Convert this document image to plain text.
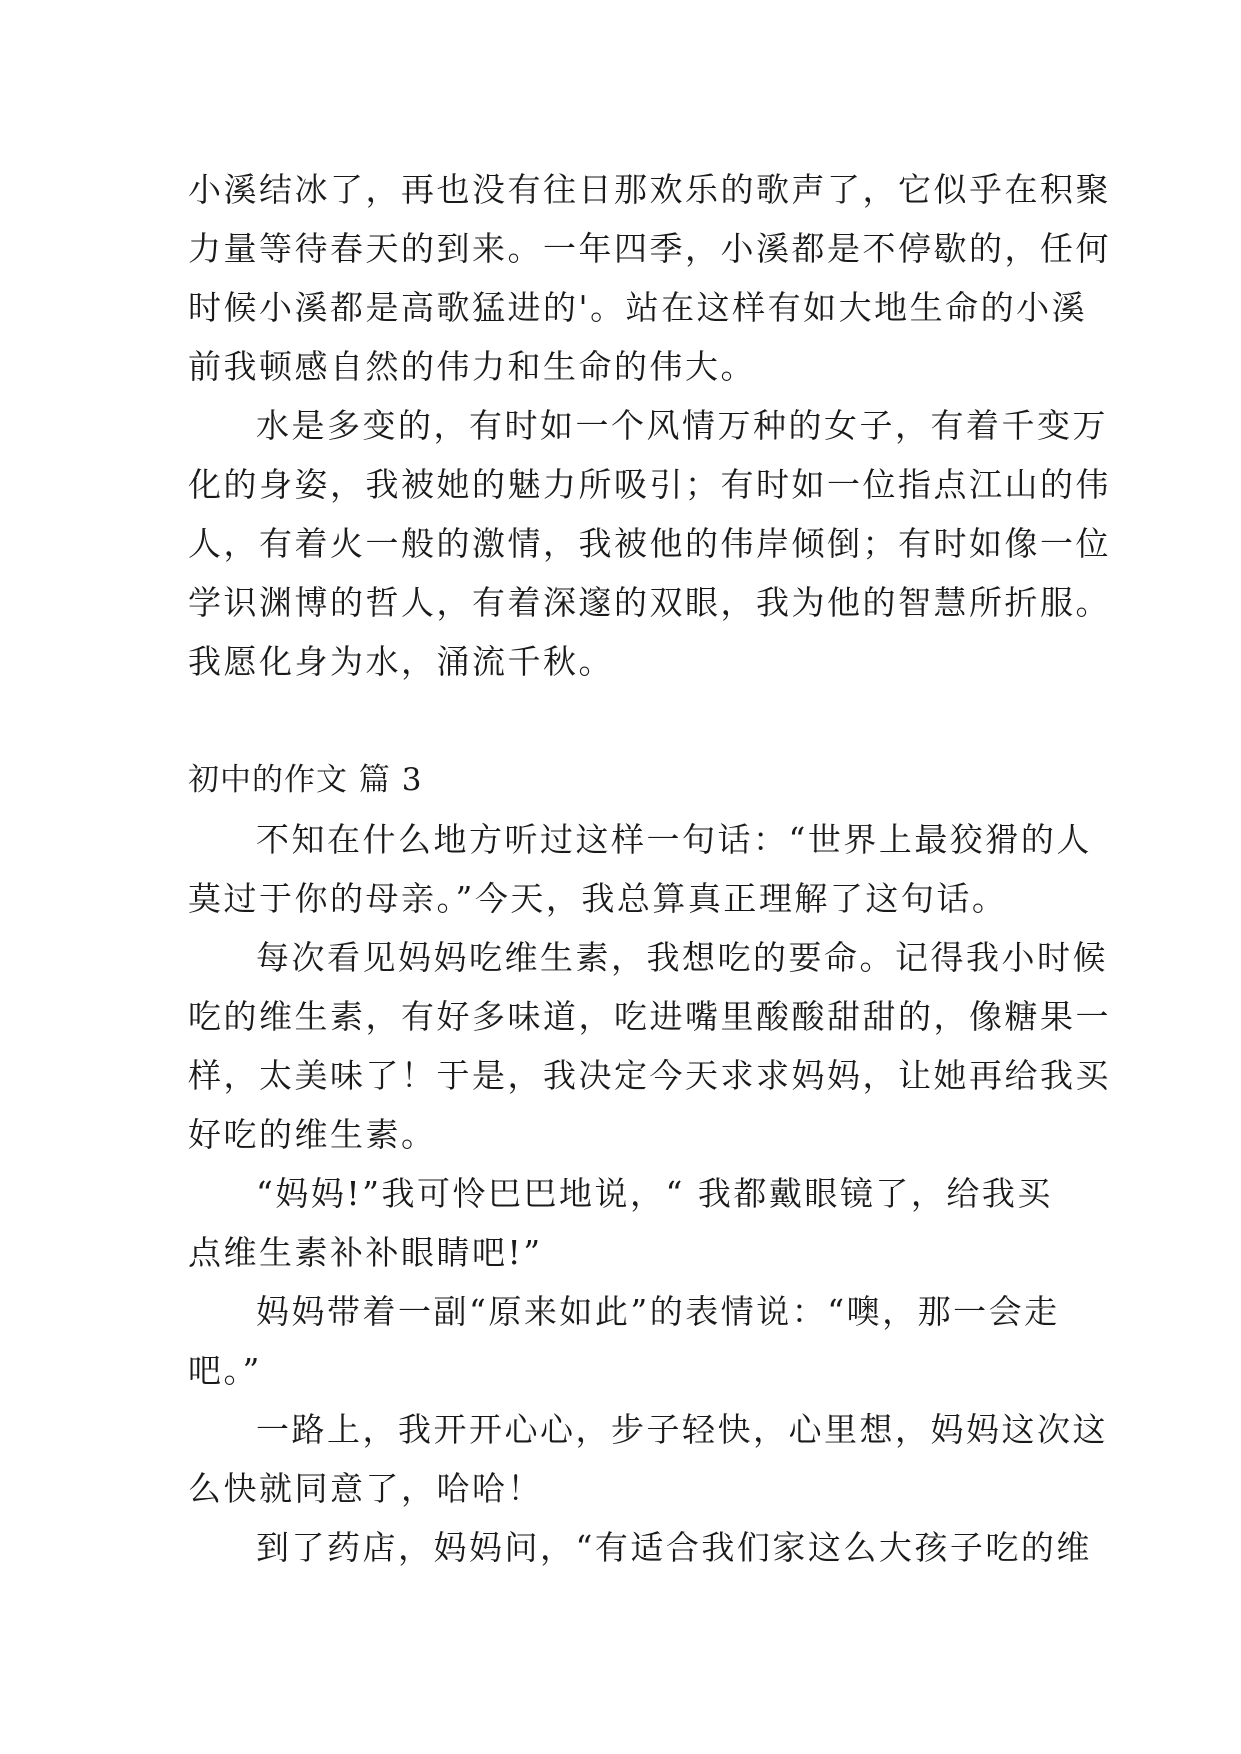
小溪结冰了，再也没有往日那欢乐的歌声了，它似乎在积聚
力量等待春天的到来。一年四季，小溪都是不停歇的，任何
时候小溪都是高歌猛进的'。站在这样有如大地生命的小溪
前我顿感自然的伟力和生命的伟大。
水是多变的，有时如一个风情万种的女子，有着千变万
化的身姿，我被她的魅力所吸引；有时如一位指点江山的伟
人，有着火一般的激情，我被他的伟岸倾倒；有时如像一位
学识渊博的哲人，有着深邃的双眼，我为他的智慧所折服。
我愿化身为水，涌流千秋。
初中的作文 篇 3
不知在什么地方听过这样一句话：“世界上最狡猾的人
莫过于你的母亲。”今天，我总算真正理解了这句话。
每次看见妈妈吃维生素，我想吃的要命。记得我小时候
吃的维生素，有好多味道，吃进嘴里酸酸甜甜的，像糖果一
样，太美味了！于是，我决定今天求求妈妈，让她再给我买
好吃的维生素。
“妈妈!”我可怜巴巴地说，“ 我都戴眼镜了，给我买
点维生素补补眼睛吧!”
妈妈带着一副“原来如此”的表情说：“噢，那一会走
吧。”
一路上，我开开心心，步子轻快，心里想，妈妈这次这
么快就同意了，哈哈！
到了药店，妈妈问，“有适合我们家这么大孩子吃的维
